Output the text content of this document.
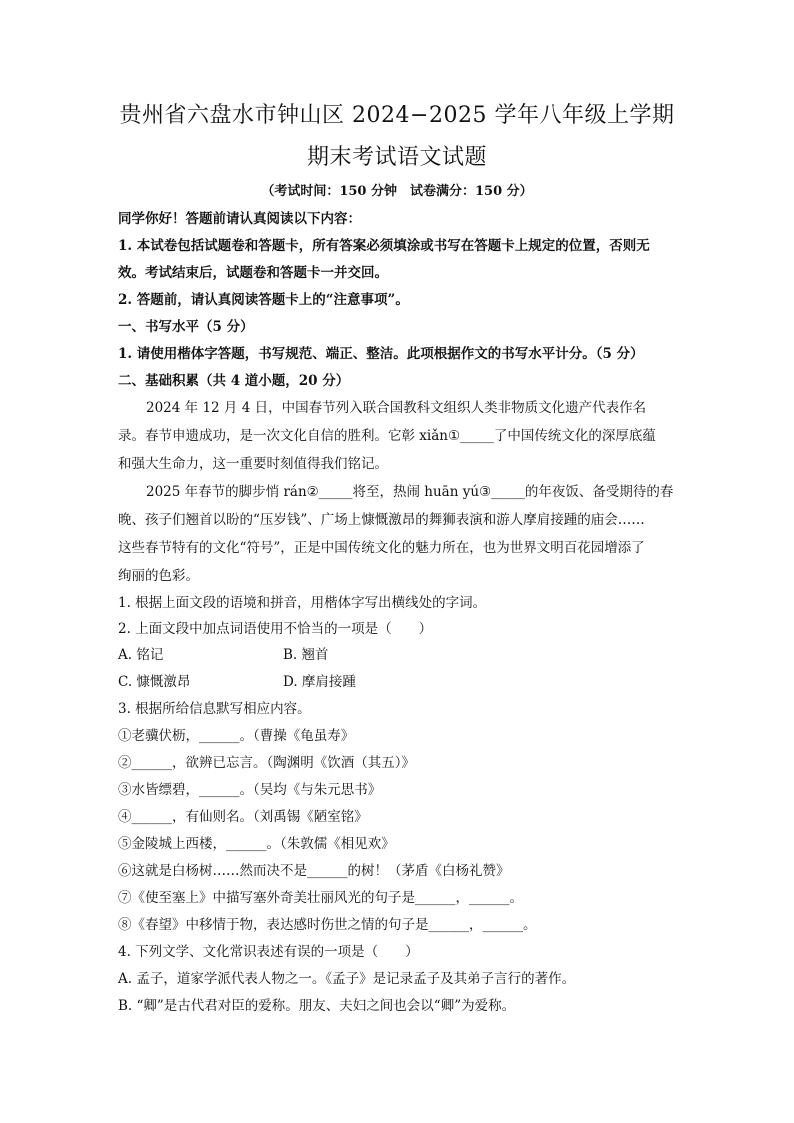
贵州省六盘水市钟山区 2024−2025 学年八年级上学期
期末考试语文试题
（考试时间：150 分钟　试卷满分：150 分）
同学你好！答题前请认真阅读以下内容：
1. 本试卷包括试题卷和答题卡，所有答案必须填涂或书写在答题卡上规定的位置，否则无
效。考试结束后，试题卷和答题卡一并交回。
2. 答题前，请认真阅读答题卡上的“注意事项”。
一、书写水平（5 分）
1. 请使用楷体字答题，书写规范、端正、整洁。此项根据作文的书写水平计分。（5 分）
二、基础积累（共 4 道小题，20 分）
2024 年 12 月 4 日，中国春节列入联合国教科文组织人类非物质文化遗产代表作名
录。春节申遗成功，是一次文化自信的胜利。它彰 xiǎn①_____了中国传统文化的深厚底蕴
和强大生命力，这一重要时刻值得我们铭记。
2025 年春节的脚步悄 rán②_____将至，热闹 huān yú③_____的年夜饭、备受期待的春
晚、孩子们翘首以盼的“压岁钱”、广场上慷慨激昂的舞狮表演和游人摩肩接踵的庙会……
这些春节特有的文化“符号”，正是中国传统文化的魅力所在，也为世界文明百花园增添了
绚丽的色彩。
1. 根据上面文段的语境和拼音，用楷体字写出横线处的字词。
2. 上面文段中加点词语使用不恰当的一项是（　　）
A. 铭记	B. 翘首
C. 慷慨激昂	D. 摩肩接踵
3. 根据所给信息默写相应内容。
①老骥伏枥，______。（曹操《龟虽寿》
②______，欲辨已忘言。（陶渊明《饮酒（其五）》
③水皆缥碧，______。（吴均《与朱元思书》
④______，有仙则名。（刘禹锡《陋室铭》
⑤金陵城上西楼，______。（朱敦儒《相见欢》
⑥这就是白杨树……然而决不是______的树！（茅盾《白杨礼赞》
⑦《使至塞上》中描写塞外奇美壮丽风光的句子是______，______。
⑧《春望》中移情于物，表达感时伤世之情的句子是______，______。
4. 下列文学、文化常识表述有误的一项是（　　）
A. 孟子，道家学派代表人物之一。《孟子》是记录孟子及其弟子言行的著作。
B. “卿”是古代君对臣的爱称。朋友、夫妇之间也会以“卿”为爱称。
